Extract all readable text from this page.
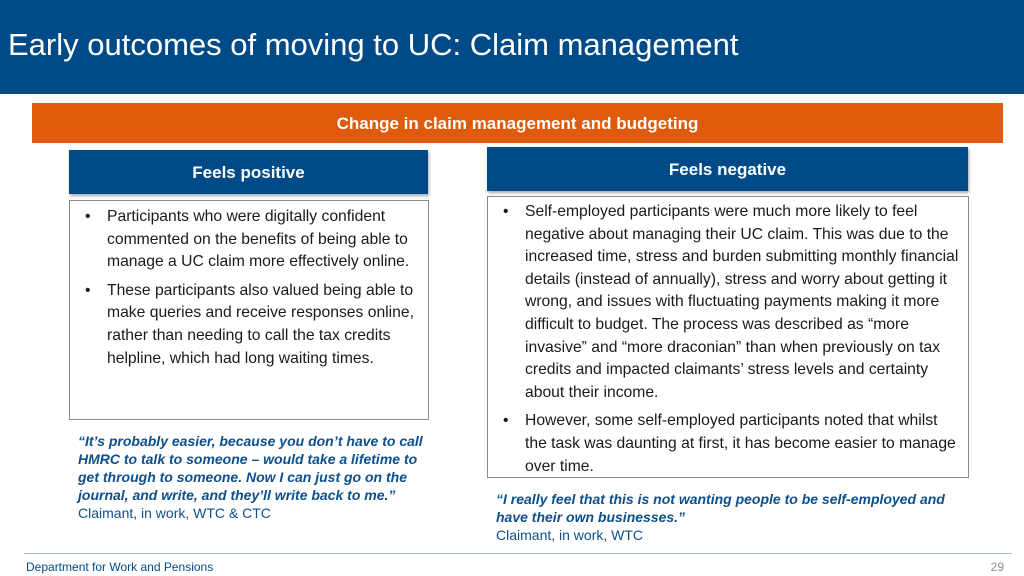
Early outcomes of moving to UC: Claim management
Change in claim management and budgeting
Feels positive	Feels negative
• Participants who were digitally confident commented on the benefits of being able to manage a UC claim more effectively online.
• These participants also valued being able to make queries and receive responses online, rather than needing to call the tax credits helpline, which had long waiting times.
• Self-employed participants were much more likely to feel negative about managing their UC claim. This was due to the increased time, stress and burden submitting monthly financial details (instead of annually), stress and worry about getting it wrong, and issues with fluctuating payments making it more difficult to budget. The process was described as “more invasive” and “more draconian” than when previously on tax credits and impacted claimants’ stress levels and certainty about their income.
• However, some self-employed participants noted that whilst the task was daunting at first, it has become easier to manage over time.
“It’s probably easier, because you don’t have to call HMRC to talk to someone – would take a lifetime to get through to someone. Now I can just go on the journal, and write, and they’ll write back to me.” Claimant, in work, WTC & CTC
“I really feel that this is not wanting people to be self-employed and have their own businesses.”
Claimant, in work, WTC
Department for Work and Pensions	29
